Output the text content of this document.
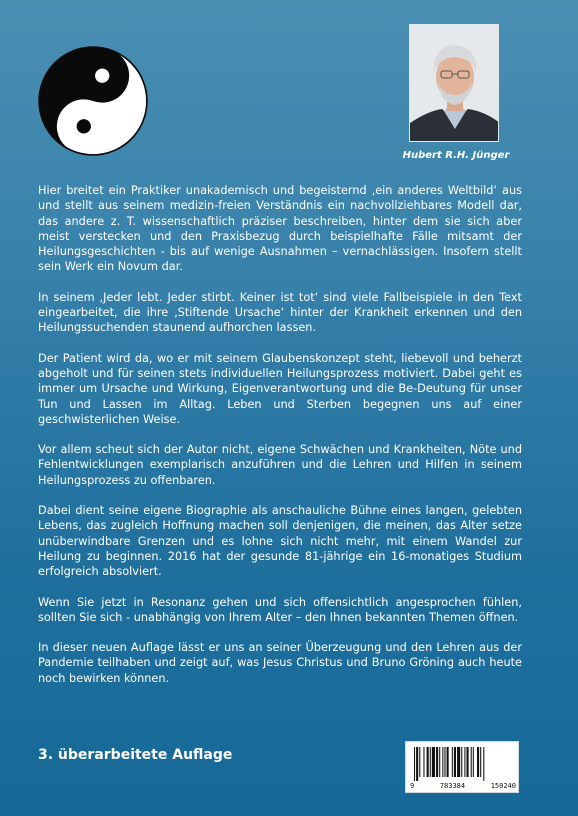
Hubert R.H. Jünger

Hier breitet ein Praktiker unakademisch und begeisternd ‚ein anderes Weltbild‘ aus und stellt aus seinem medizin-freien Verständnis ein nachvollziehbares Modell dar, das andere z. T. wissenschaftlich präziser beschreiben, hinter dem sie sich aber meist verstecken und den Praxisbezug durch beispielhafte Fälle mitsamt der Heilungsgeschichten - bis auf wenige Ausnahmen – vernachlässigen. Insofern stellt sein Werk ein Novum dar.

In seinem ‚Jeder lebt. Jeder stirbt. Keiner ist tot‘ sind viele Fallbeispiele in den Text eingearbeitet, die ihre ‚Stiftende Ursache‘ hinter der Krankheit erkennen und den Heilungssuchenden staunend aufhorchen lassen.

Der Patient wird da, wo er mit seinem Glaubenskonzept steht, liebevoll und beherzt abgeholt und für seinen stets individuellen Heilungsprozess motiviert. Dabei geht es immer um Ursache und Wirkung, Eigenverantwortung und die Be-Deutung für unser Tun und Lassen im Alltag. Leben und Sterben begegnen uns auf einer geschwisterlichen Weise.

Vor allem scheut sich der Autor nicht, eigene Schwächen und Krankheiten, Nöte und Fehlentwicklungen exemplarisch anzuführen und die Lehren und Hilfen in seinem Heilungsprozess zu offenbaren.

Dabei dient seine eigene Biographie als anschauliche Bühne eines langen, gelebten Lebens, das zugleich Hoffnung machen soll denjenigen, die meinen, das Alter setze unüberwindbare Grenzen und es lohne sich nicht mehr, mit einem Wandel zur Heilung zu beginnen. 2016 hat der gesunde 81-jährige ein 16-monatiges Studium erfolgreich absolviert.

Wenn Sie jetzt in Resonanz gehen und sich offensichtlich angesprochen fühlen, sollten Sie sich - unabhängig von Ihrem Alter – den Ihnen bekannten Themen öffnen.

In dieser neuen Auflage lässt er uns an seiner Überzeugung und den Lehren aus der Pandemie teilhaben und zeigt auf, was Jesus Christus und Bruno Gröning auch heute noch bewirken können.

3. überarbeitete Auflage
9	783384	150240
